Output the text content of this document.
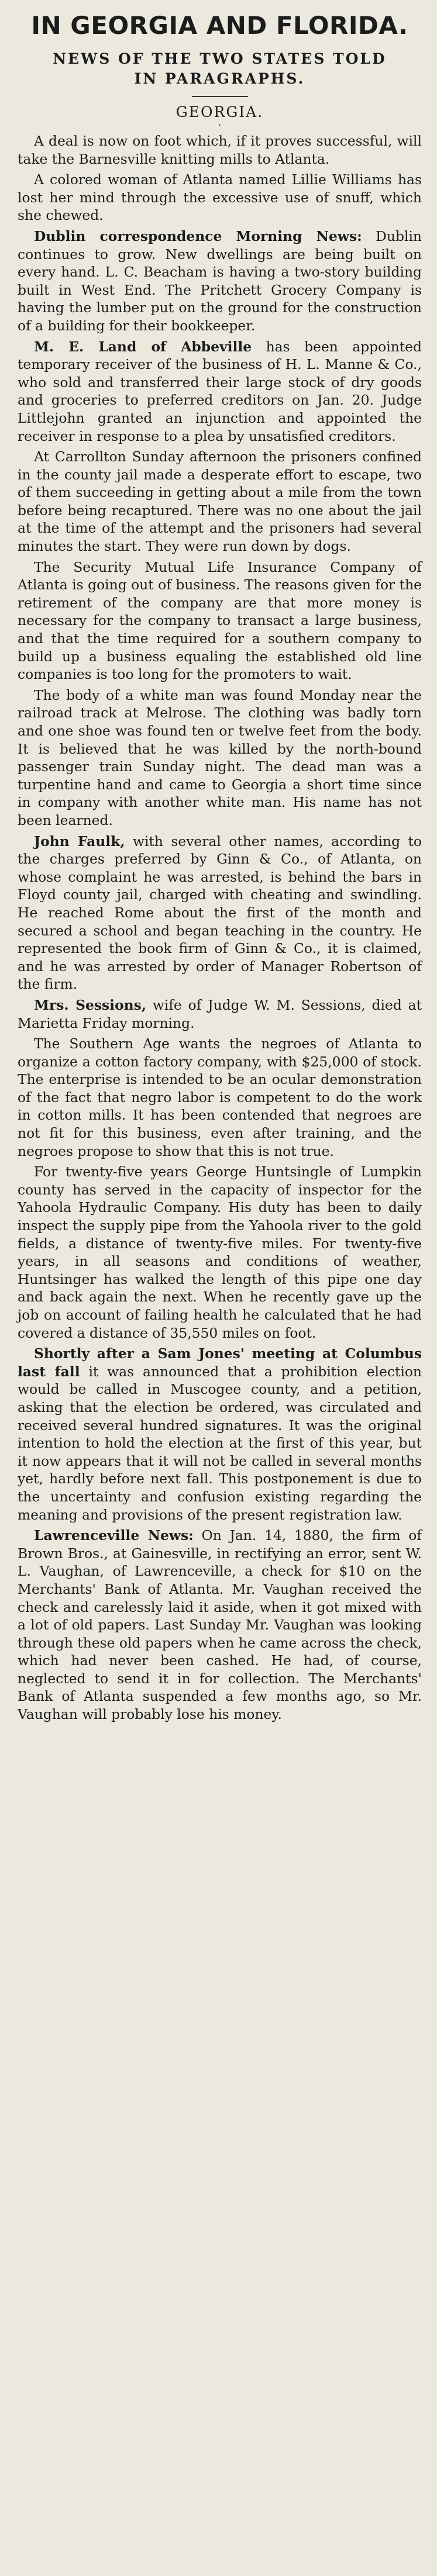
IN GEORGIA AND FLORIDA.
NEWS OF THE TWO STATES TOLD
IN PARAGRAPHS.
GEORGIA.
·

A deal is now on foot which, if it proves successful, will take the Barnesville knitting mills to Atlanta.

A colored woman of Atlanta named Lillie Williams has lost her mind through the excessive use of snuff, which she chewed.

Dublin correspondence Morning News: Dublin continues to grow. New dwellings are being built on every hand. L. C. Beacham is having a two-story building built in West End. The Pritchett Grocery Company is having the lumber put on the ground for the construction of a building for their bookkeeper.

M. E. Land of Abbeville has been appointed temporary receiver of the business of H. L. Manne & Co., who sold and transferred their large stock of dry goods and groceries to preferred creditors on Jan. 20. Judge Littlejohn granted an injunction and appointed the receiver in response to a plea by unsatisfied creditors.

At Carrollton Sunday afternoon the prisoners confined in the county jail made a desperate effort to escape, two of them succeeding in getting about a mile from the town before being recaptured. There was no one about the jail at the time of the attempt and the prisoners had several minutes the start. They were run down by dogs.

The Security Mutual Life Insurance Company of Atlanta is going out of business. The reasons given for the retirement of the company are that more money is necessary for the company to transact a large business, and that the time required for a southern company to build up a business equaling the established old line companies is too long for the promoters to wait.

The body of a white man was found Monday near the railroad track at Melrose. The clothing was badly torn and one shoe was found ten or twelve feet from the body. It is believed that he was killed by the north-bound passenger train Sunday night. The dead man was a turpentine hand and came to Georgia a short time since in company with another white man. His name has not been learned.

John Faulk, with several other names, according to the charges preferred by Ginn & Co., of Atlanta, on whose complaint he was arrested, is behind the bars in Floyd county jail, charged with cheating and swindling. He reached Rome about the first of the month and secured a school and began teaching in the country. He represented the book firm of Ginn & Co., it is claimed, and he was arrested by order of Manager Robertson of the firm.

Mrs. Sessions, wife of Judge W. M. Sessions, died at Marietta Friday morning.

The Southern Age wants the negroes of Atlanta to organize a cotton factory company, with $25,000 of stock. The enterprise is intended to be an ocular demonstration of the fact that negro labor is competent to do the work in cotton mills. It has been contended that negroes are not fit for this business, even after training, and the negroes propose to show that this is not true.

For twenty-five years George Huntsingle of Lumpkin county has served in the capacity of inspector for the Yahoola Hydraulic Company. His duty has been to daily inspect the supply pipe from the Yahoola river to the gold fields, a distance of twenty-five miles. For twenty-five years, in all seasons and conditions of weather, Huntsinger has walked the length of this pipe one day and back again the next. When he recently gave up the job on account of failing health he calculated that he had covered a distance of 35,550 miles on foot.

Shortly after a Sam Jones' meeting at Columbus last fall it was announced that a prohibition election would be called in Muscogee county, and a petition, asking that the election be ordered, was circulated and received several hundred signatures. It was the original intention to hold the election at the first of this year, but it now appears that it will not be called in several months yet, hardly before next fall. This postponement is due to the uncertainty and confusion existing regarding the meaning and provisions of the present registration law.

Lawrenceville News: On Jan. 14, 1880, the firm of Brown Bros., at Gainesville, in rectifying an error, sent W. L. Vaughan, of Lawrenceville, a check for $10 on the Merchants' Bank of Atlanta. Mr. Vaughan received the check and carelessly laid it aside, when it got mixed with a lot of old papers. Last Sunday Mr. Vaughan was looking through these old papers when he came across the check, which had never been cashed. He had, of course, neglected to send it in for collection. The Merchants' Bank of Atlanta suspended a few months ago, so Mr. Vaughan will probably lose his money.
